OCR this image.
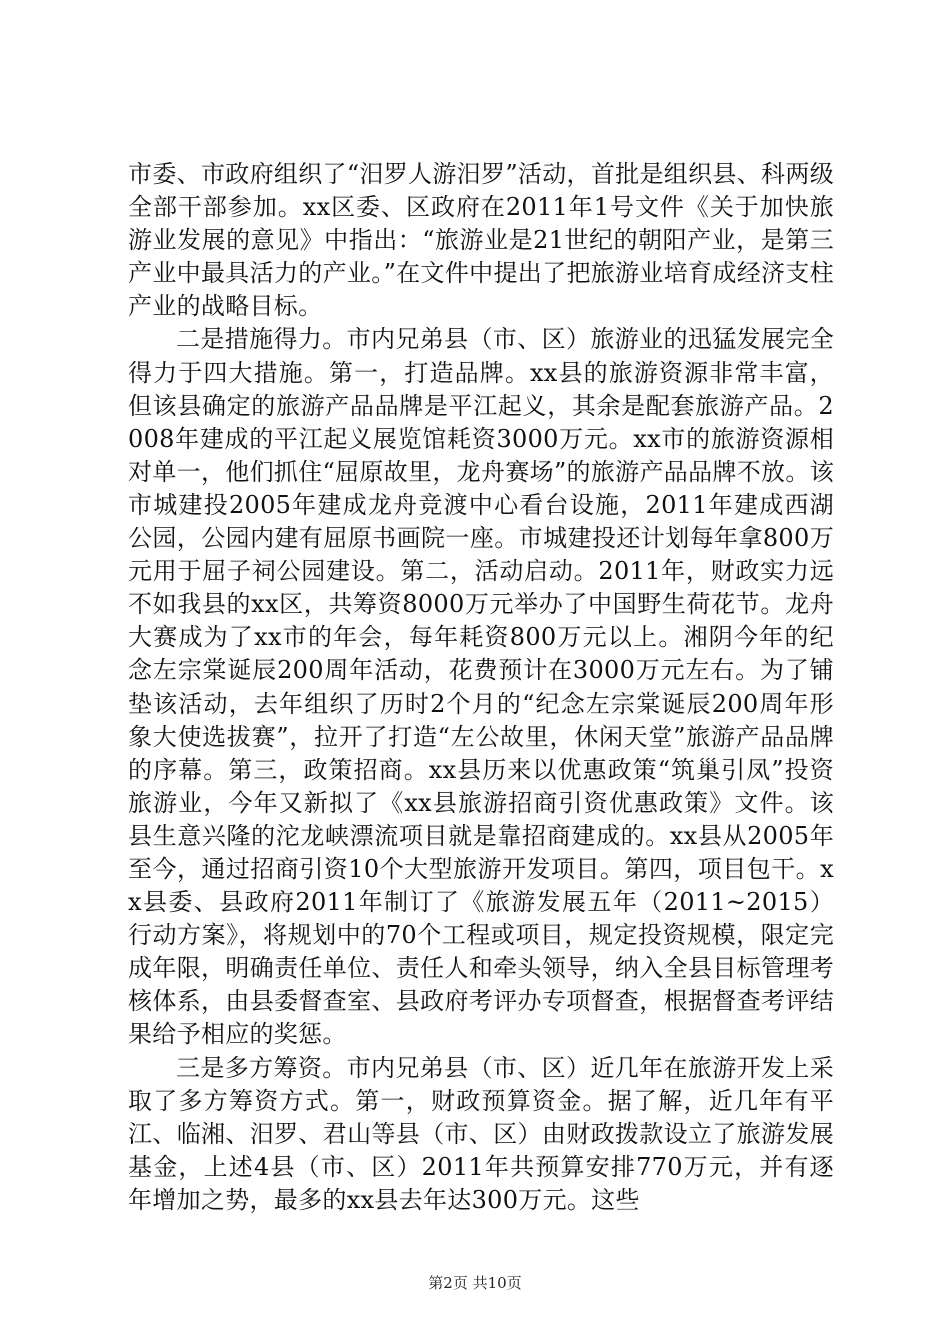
市委、市政府组织了“汨罗人游汨罗”活动，首批是组织县、科两级全部干部参加。xx区委、区政府在2011年1号文件《关于加快旅游业发展的意见》中指出：“旅游业是21世纪的朝阳产业，是第三产业中最具活力的产业。”在文件中提出了把旅游业培育成经济支柱产业的战略目标。

二是措施得力。市内兄弟县（市、区）旅游业的迅猛发展完全得力于四大措施。第一，打造品牌。xx县的旅游资源非常丰富，但该县确定的旅游产品品牌是平江起义，其余是配套旅游产品。2008年建成的平江起义展览馆耗资3000万元。xx市的旅游资源相对单一，他们抓住“屈原故里，龙舟赛场”的旅游产品品牌不放。该市城建投2005年建成龙舟竞渡中心看台设施，2011年建成西湖公园，公园内建有屈原书画院一座。市城建投还计划每年拿800万元用于屈子祠公园建设。第二，活动启动。2011年，财政实力远不如我县的xx区，共筹资8000万元举办了中国野生荷花节。龙舟大赛成为了xx市的年会，每年耗资800万元以上。湘阴今年的纪念左宗棠诞辰200周年活动，花费预计在3000万元左右。为了铺垫该活动，去年组织了历时2个月的“纪念左宗棠诞辰200周年形象大使选拔赛”，拉开了打造“左公故里，休闲天堂”旅游产品品牌的序幕。第三，政策招商。xx县历来以优惠政策“筑巢引凤”投资旅游业，今年又新拟了《xx县旅游招商引资优惠政策》文件。该县生意兴隆的沱龙峡漂流项目就是靠招商建成的。xx县从2005年至今，通过招商引资10个大型旅游开发项目。第四，项目包干。xx县委、县政府2011年制订了《旅游发展五年（2011~2015）行动方案》，将规划中的70个工程或项目，规定投资规模，限定完成年限，明确责任单位、责任人和牵头领导，纳入全县目标管理考核体系，由县委督查室、县政府考评办专项督查，根据督查考评结果给予相应的奖惩。

三是多方筹资。市内兄弟县（市、区）近几年在旅游开发上采取了多方筹资方式。第一，财政预算资金。据了解，近几年有平江、临湘、汨罗、君山等县（市、区）由财政拨款设立了旅游发展基金，上述4县（市、区）2011年共预算安排770万元，并有逐年增加之势，最多的xx县去年达300万元。这些

第2页 共10页
